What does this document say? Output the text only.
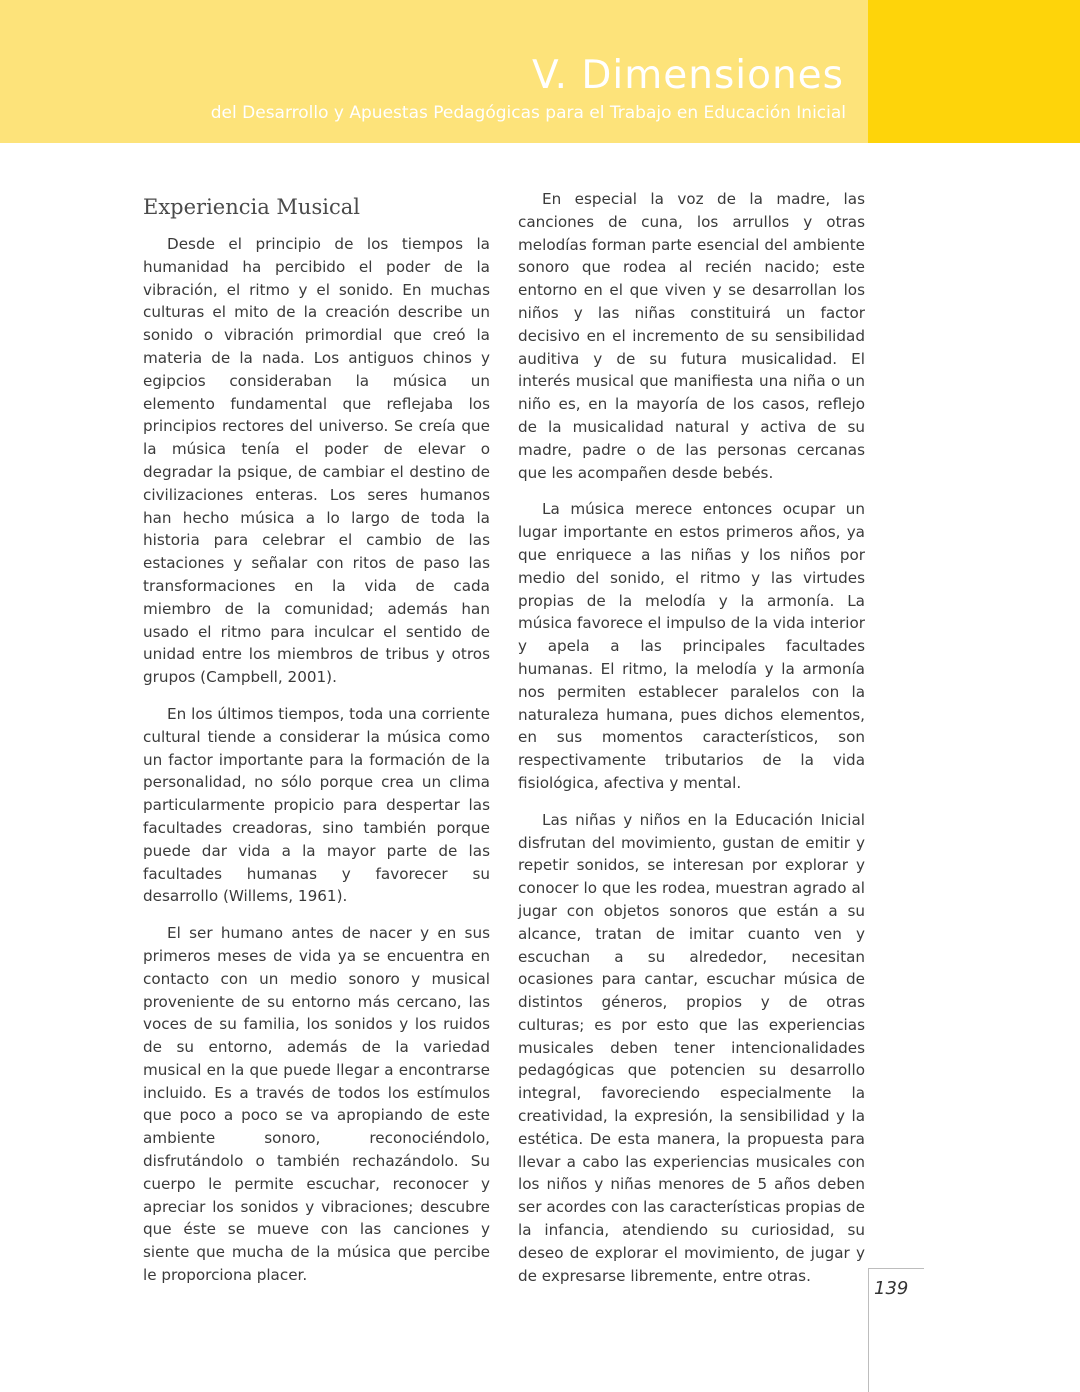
V. Dimensiones
del Desarrollo y Apuestas Pedagógicas para el Trabajo en Educación Inicial
Experiencia Musical

Desde el principio de los tiempos la humanidad ha percibido el poder de la vibración, el ritmo y el sonido. En muchas culturas el mito de la creación describe un sonido o vibración primordial que creó la materia de la nada. Los antiguos chinos y egipcios consideraban la música un elemento fundamental que reflejaba los principios rectores del universo. Se creía que la música tenía el poder de elevar o degradar la psique, de cambiar el destino de civilizaciones enteras. Los seres humanos han hecho música a lo largo de toda la historia para celebrar el cambio de las estaciones y señalar con ritos de paso las transformaciones en la vida de cada miembro de la comunidad; además han usado el ritmo para inculcar el sentido de unidad entre los miembros de tribus y otros grupos (Campbell, 2001).

En los últimos tiempos, toda una corriente cultural tiende a considerar la música como un factor importante para la formación de la personalidad, no sólo porque crea un clima particularmente propicio para despertar las facultades creadoras, sino también porque puede dar vida a la mayor parte de las facultades humanas y favorecer su desarrollo (Willems, 1961).

El ser humano antes de nacer y en sus primeros meses de vida ya se encuentra en contacto con un medio sonoro y musical proveniente de su entorno más cercano, las voces de su familia, los sonidos y los ruidos de su entorno, además de la variedad musical en la que puede llegar a encontrarse incluido. Es a través de todos los estímulos que poco a poco se va apropiando de este ambiente sonoro, reconociéndolo, disfrutándolo o también rechazándolo. Su cuerpo le permite escuchar, reconocer y apreciar los sonidos y vibraciones; descubre que éste se mueve con las canciones y siente que mucha de la música que percibe le proporciona placer.

En especial la voz de la madre, las canciones de cuna, los arrullos y otras melodías forman parte esencial del ambiente sonoro que rodea al recién nacido; este entorno en el que viven y se desarrollan los niños y las niñas constituirá un factor decisivo en el incremento de su sensibilidad auditiva y de su futura musicalidad. El interés musical que manifiesta una niña o un niño es, en la mayoría de los casos, reflejo de la musicalidad natural y activa de su madre, padre o de las personas cercanas que les acompañen desde bebés.

La música merece entonces ocupar un lugar importante en estos primeros años, ya que enriquece a las niñas y los niños por medio del sonido, el ritmo y las virtudes propias de la melodía y la armonía. La música favorece el impulso de la vida interior y apela a las principales facultades humanas. El ritmo, la melodía y la armonía nos permiten establecer paralelos con la naturaleza humana, pues dichos elementos, en sus momentos característicos, son respectivamente tributarios de la vida fisiológica, afectiva y mental.

Las niñas y niños en la Educación Inicial disfrutan del movimiento, gustan de emitir y repetir sonidos, se interesan por explorar y conocer lo que les rodea, muestran agrado al jugar con objetos sonoros que están a su alcance, tratan de imitar cuanto ven y escuchan a su alrededor, necesitan ocasiones para cantar, escuchar música de distintos géneros, propios y de otras culturas; es por esto que las experiencias musicales deben tener intencionalidades pedagógicas que potencien su desarrollo integral, favoreciendo especialmente la creatividad, la expresión, la sensibilidad y la estética. De esta manera, la propuesta para llevar a cabo las experiencias musicales con los niños y niñas menores de 5 años deben ser acordes con las características propias de la infancia, atendiendo su curiosidad, su deseo de explorar el movimiento, de jugar y de expresarse libremente, entre otras.

139
